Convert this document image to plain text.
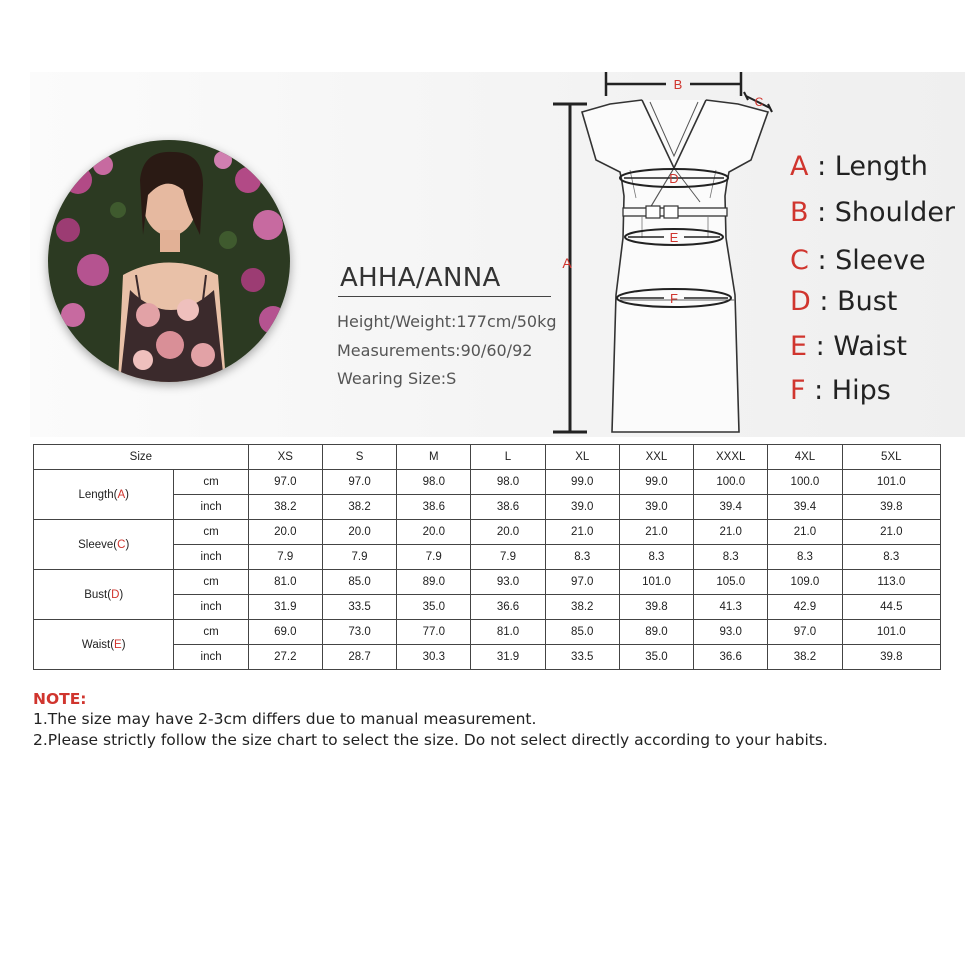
AHHA/ANNA
Height/Weight:177cm/50kg
Measurements:90/60/92
Wearing Size:S
A
B
C
D
E
F
A : Length
B : Shoulder
C : Sleeve
D : Bust
E : Waist
F : Hips
Size		XS	S	M	L	XL	XXL	XXXL	4XL	5XL
Length(A)	cm	97.0	97.0	98.0	98.0	99.0	99.0	100.0	100.0	101.0
	inch	38.2	38.2	38.6	38.6	39.0	39.0	39.4	39.4	39.8
Sleeve(C)	cm	20.0	20.0	20.0	20.0	21.0	21.0	21.0	21.0	21.0
	inch	7.9	7.9	7.9	7.9	8.3	8.3	8.3	8.3	8.3
Bust(D)	cm	81.0	85.0	89.0	93.0	97.0	101.0	105.0	109.0	113.0
	inch	31.9	33.5	35.0	36.6	38.2	39.8	41.3	42.9	44.5
Waist(E)	cm	69.0	73.0	77.0	81.0	85.0	89.0	93.0	97.0	101.0
	inch	27.2	28.7	30.3	31.9	33.5	35.0	36.6	38.2	39.8
NOTE:
1.The size may have 2-3cm differs due to manual measurement.
2.Please strictly follow the size chart to select the size. Do not select directly according to your habits.
